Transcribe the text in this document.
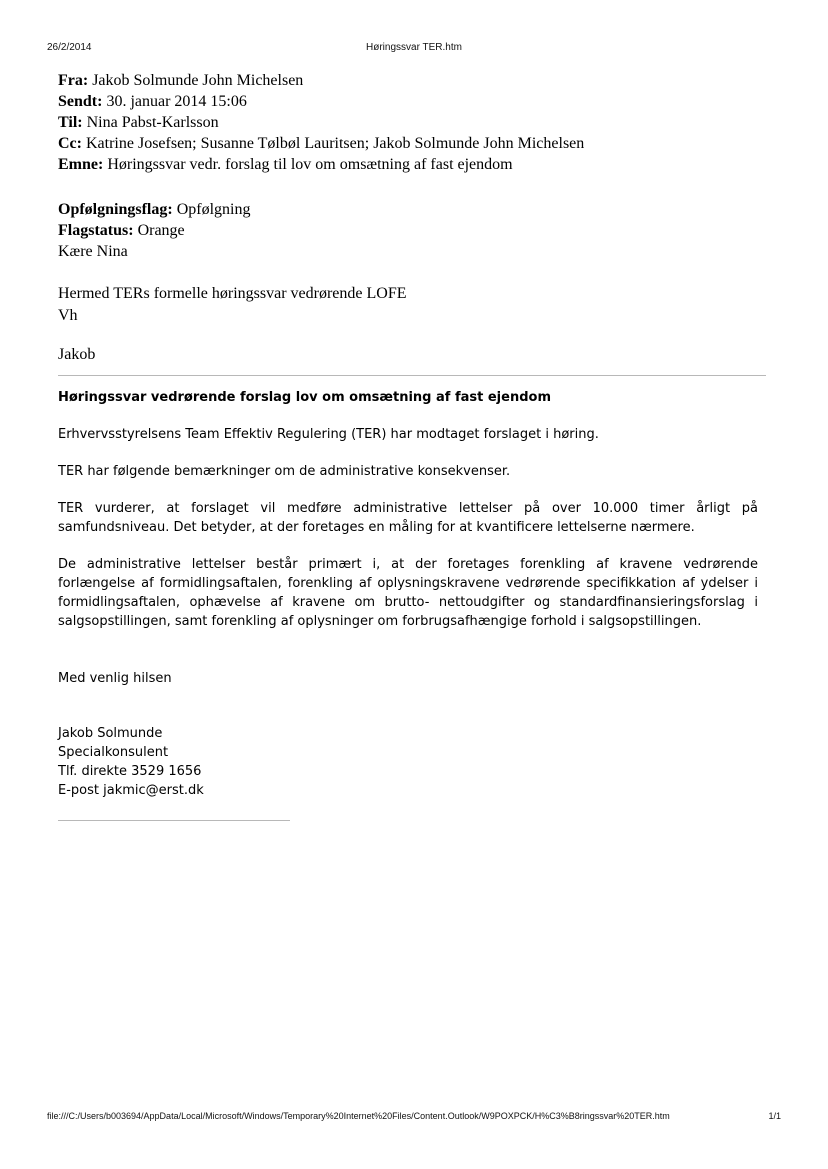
26/2/2014	Høringssvar TER.htm
Fra: Jakob Solmunde John Michelsen
Sendt: 30. januar 2014 15:06
Til: Nina Pabst-Karlsson
Cc: Katrine Josefsen; Susanne Tølbøl Lauritsen; Jakob Solmunde John Michelsen
Emne: Høringssvar vedr. forslag til lov om omsætning af fast ejendom
Opfølgningsflag: Opfølgning
Flagstatus: Orange
Kære Nina
Hermed TERs formelle høringssvar vedrørende LOFE
Vh
Jakob
Høringssvar vedrørende forslag lov om omsætning af fast ejendom

Erhvervsstyrelsens Team Effektiv Regulering (TER) har modtaget forslaget i høring.

TER har følgende bemærkninger om de administrative konsekvenser.

TER vurderer, at forslaget vil medføre administrative lettelser på over 10.000 timer årligt på samfundsniveau. Det betyder, at der foretages en måling for at kvantificere lettelserne nærmere.

De administrative lettelser består primært i, at der foretages forenkling af kravene vedrørende forlængelse af formidlingsaftalen, forenkling af oplysningskravene vedrørende specifikkation af ydelser i formidlingsaftalen, ophævelse af kravene om brutto- nettoudgifter og standardfinansieringsforslag i salgsopstillingen, samt forenkling af oplysninger om forbrugsafhængige forhold i salgsopstillingen.

Med venlig hilsen
Jakob Solmunde
Specialkonsulent
Tlf. direkte 3529 1656
E-post jakmic@erst.dk
file:///C:/Users/b003694/AppData/Local/Microsoft/Windows/Temporary%20Internet%20Files/Content.Outlook/W9POXPCK/H%C3%B8ringssvar%20TER.htm	1/1
